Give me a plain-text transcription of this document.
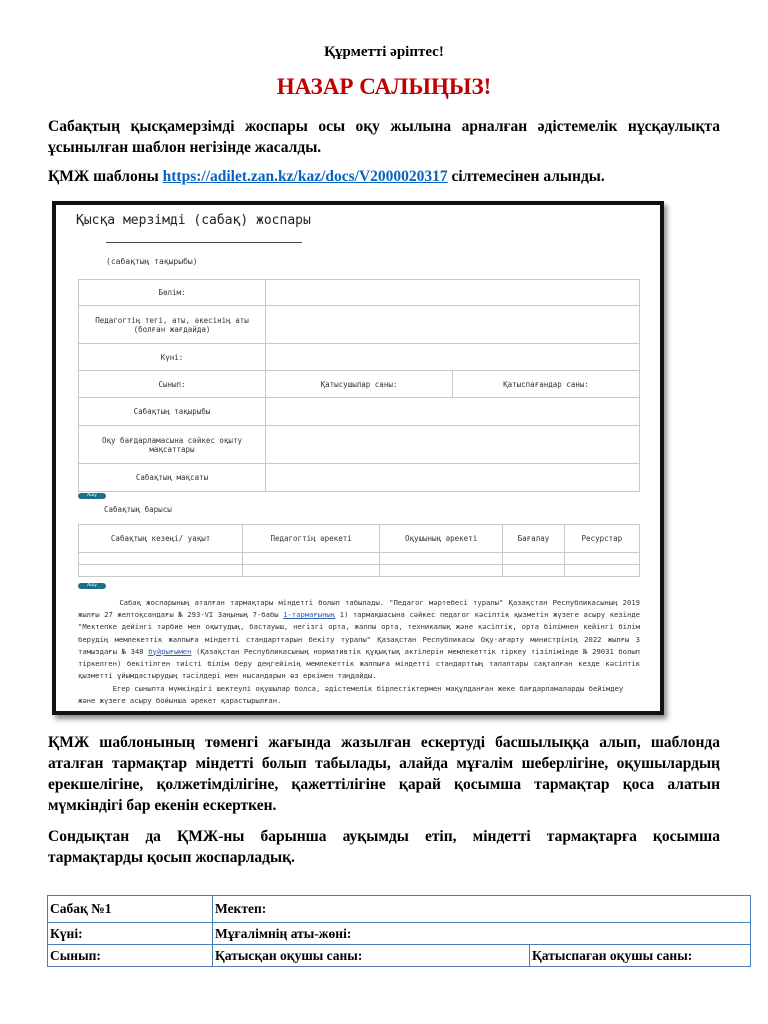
Құрметті әріптес!
НАЗАР САЛЫҢЫЗ!
Сабақтың қысқамерзімді жоспары осы оқу жылына арналған әдістемелік нұсқаулықта ұсынылған шаблон негізінде жасалды.
ҚМЖ шаблоны https://adilet.zan.kz/kaz/docs/V2000020317 сілтемесінен алынды.
Қысқа мерзімді (сабақ) жоспары
(сабақтың тақырыбы)
Бөлім:		
Педагогтің тегі, аты, әкесінің аты (болған жағдайда)		
Күні:		
Сынып:	Қатысушылар саны:	Қатыспағандар саны:
Сабақтың тақырыбы		
Оқу бағдарламасына сәйкес оқыту мақсаттары		
Сабақтың мақсаты		
Ашу
Сабақтың барысы
Сабақтың кезеңі/ уақыт	Педагогтің әрекеті	Оқушының әрекеті	Бағалау	Ресурстар

Ашу
Сабақ жоспарының аталған тармақтары міндетті болып табылады. "Педагог мәртебесі туралы" Қазақстан Республикасының 2019 жылғы 27 желтоқсандағы № 293-VI Заңының 7-бабы 1-тармағының 1) тармақшасына сәйкес педагог кәсіптік қызметін жүзеге асыру кезінде "Мектепке дейінгі тәрбие мен оқытудың, бастауыш, негізгі орта, жалпы орта, техникалық және кәсіптік, орта білімнен кейінгі білім берудің мемлекеттік жалпыға міндетті стандарттарын бекіту туралы" Қазақстан Республикасы Оқу-ағарту министрінің 2022 жылғы 3 тамыздағы № 348 бұйрығымен (Қазақстан Республикасының нормативтік құқықтық актілерін мемлекеттік тіркеу тізілімінде № 29031 болып тіркелген) бекітілген тиісті білім беру деңгейінің мемлекеттік жалпыға міндетті стандарттың талаптары сақталған кезде кәсіптік қызметті ұйымдастырудың тәсілдері мен нысандарын өз еркімен таңдайды.
Егер сыныпта мүмкіндігі шектеулі оқушылар болса, әдістемелік бірлестіктермен мақұлданған жеке бағдарламаларды бейімдеу және жүзеге асыру бойынша әрекет қарастырылған.
ҚМЖ шаблонының төменгі жағында жазылған ескертуді басшылыққа алып, шаблонда аталған тармақтар міндетті болып табылады, алайда мұғалім шеберлігіне, оқушылардың ерекшелігіне, қолжетімділігіне, қажеттілігіне қарай қосымша тармақтар қоса алатын мүмкіндігі бар екенін ескерткен.
Сондықтан да ҚМЖ-ны барынша ауқымды етіп, міндетті тармақтарға қосымша тармақтарды қосып жоспарладық.
Сабақ №1	Мектеп:	
Күні:	Мұғалімнің аты-жөні:	
Сынып:	Қатысқан оқушы саны:	Қатыспаған оқушы саны:
